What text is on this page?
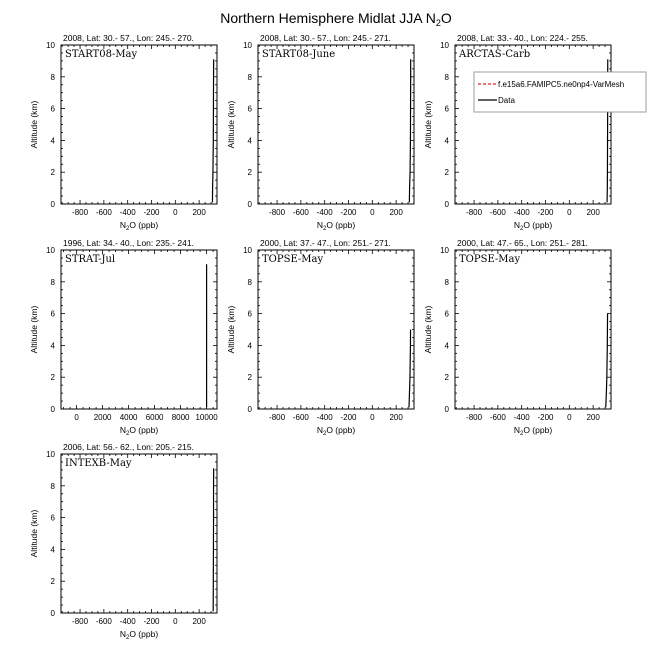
Northern Hemisphere Midlat JJA $N_2O$
2008, Lat: 30.- 57., Lon: 245.- 270.
-800 -600 -400 -200 0 200
0
2
4
6
8
10
$N_2O$ (ppb)
Altitude (km)
START08-May
2008, Lat: 30.- 57., Lon: 245.- 271.
-800 -600 -400 -200 0 200
0
2
4
6
8
10
$N_2O$ (ppb)
Altitude (km)
START08-June
2008, Lat: 33.- 40., Lon: 224.- 255.
-800 -600 -400 -200 0 200
0
2
4
6
8
10
$N_2O$ (ppb)
Altitude (km)
ARCTAS-Carb
1996, Lat: 34.- 40., Lon: 235.- 241.
0 2000 4000 6000 8000 10000
0
2
4
6
8
10
$N_2O$ (ppb)
Altitude (km)
STRAT-Jul
2000, Lat: 37.- 47., Lon: 251.- 271.
-800 -600 -400 -200 0 200
0
2
4
6
8
10
$N_2O$ (ppb)
Altitude (km)
TOPSE-May
2000, Lat: 47.- 65., Lon: 251.- 281.
-800 -600 -400 -200 0 200
0
2
4
6
8
10
$N_2O$ (ppb)
Altitude (km)
TOPSE-May
2006, Lat: 56.- 62., Lon: 205.- 215.
-800 -600 -400 -200 0 200
0
2
4
6
8
10
$N_2O$ (ppb)
Altitude (km)
INTEXB-May
f.e15a6.FAMIPC5.ne0np4-VarMesh
Data
